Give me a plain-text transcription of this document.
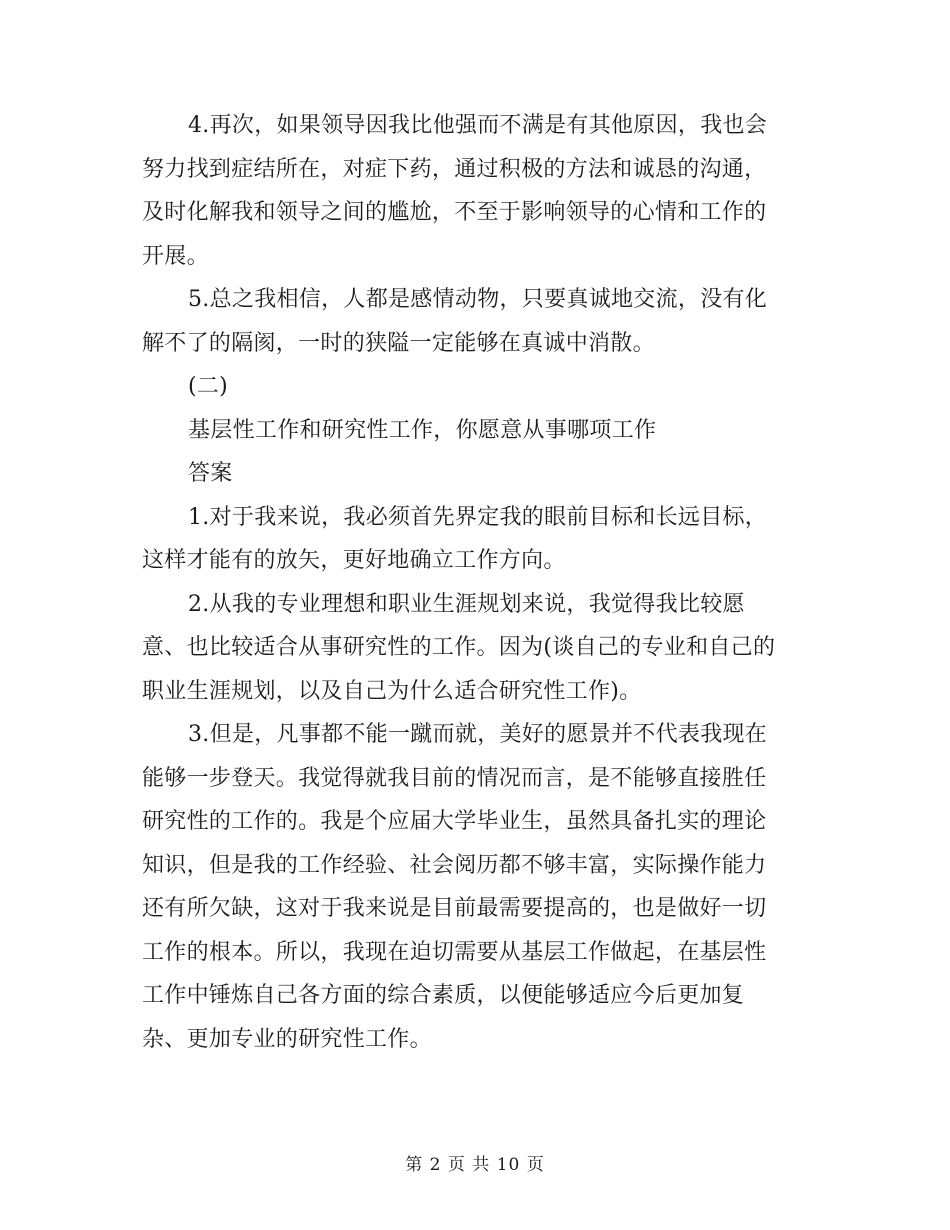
4.再次，如果领导因我比他强而不满是有其他原因，我也会
努力找到症结所在，对症下药，通过积极的方法和诚恳的沟通，
及时化解我和领导之间的尴尬，不至于影响领导的心情和工作的
开展。
5.总之我相信，人都是感情动物，只要真诚地交流，没有化
解不了的隔阂，一时的狭隘一定能够在真诚中消散。
(二)
基层性工作和研究性工作，你愿意从事哪项工作
答案
1.对于我来说，我必须首先界定我的眼前目标和长远目标，
这样才能有的放矢，更好地确立工作方向。
2.从我的专业理想和职业生涯规划来说，我觉得我比较愿
意、也比较适合从事研究性的工作。因为(谈自己的专业和自己的
职业生涯规划，以及自己为什么适合研究性工作)。
3.但是，凡事都不能一蹴而就，美好的愿景并不代表我现在
能够一步登天。我觉得就我目前的情况而言，是不能够直接胜任
研究性的工作的。我是个应届大学毕业生，虽然具备扎实的理论
知识，但是我的工作经验、社会阅历都不够丰富，实际操作能力
还有所欠缺，这对于我来说是目前最需要提高的，也是做好一切
工作的根本。所以，我现在迫切需要从基层工作做起，在基层性
工作中锤炼自己各方面的综合素质，以便能够适应今后更加复
杂、更加专业的研究性工作。

第 2 页 共 10 页
